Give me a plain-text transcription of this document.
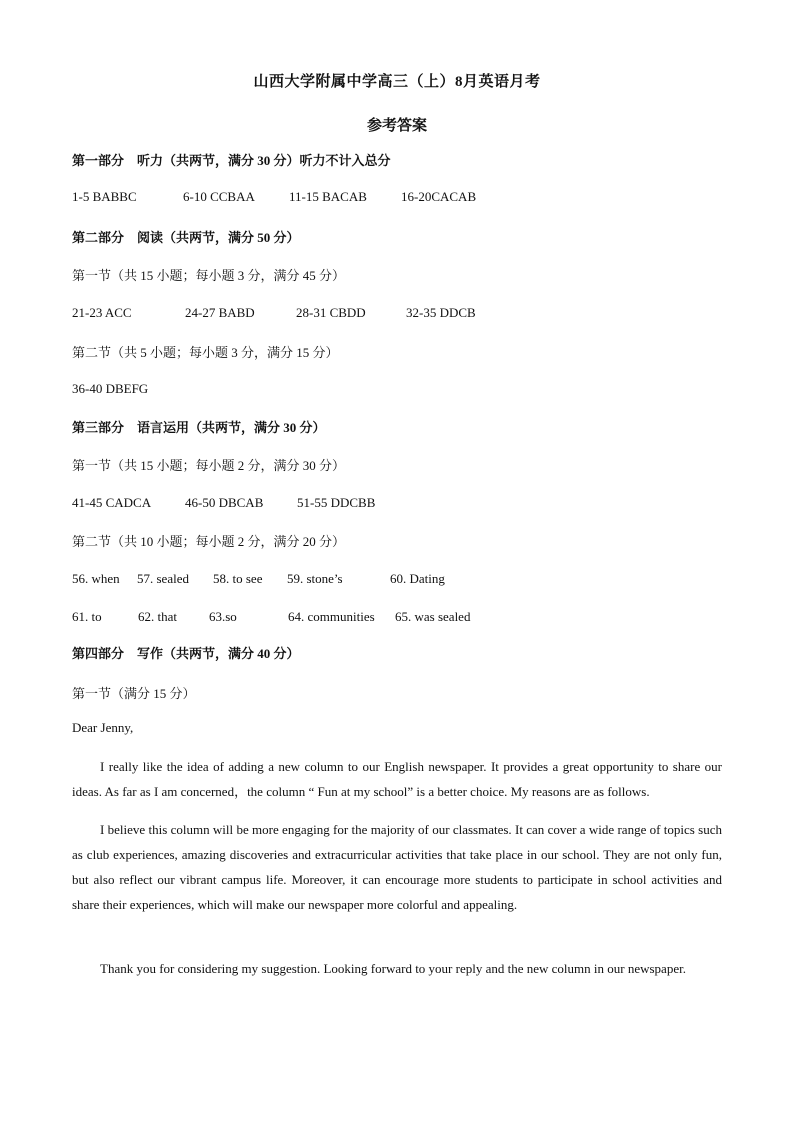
山西大学附属中学高三（上）8月英语月考
参考答案
第一部分　听力（共两节，满分 30 分）听力不计入总分
1-5 BABBC	6-10 CCBAA	11-15 BACAB	16-20CACAB
第二部分　阅读（共两节，满分 50 分）
第一节（共 15 小题；每小题 3 分，满分 45 分）
21-23 ACC	24-27 BABD	28-31 CBDD	32-35 DDCB
第二节（共 5 小题；每小题 3 分，满分 15 分）
36-40 DBEFG
第三部分　语言运用（共两节，满分 30 分）
第一节（共 15 小题；每小题 2 分，满分 30 分）
41-45 CADCA	46-50 DBCAB	51-55 DDCBB
第二节（共 10 小题；每小题 2 分，满分 20 分）
56. when 57. sealed 58. to see 59. stone’s	60. Dating
61. to	62. that 63.so	64. communities 65. was sealed
第四部分　写作（共两节，满分 40 分）
第一节（满分 15 分）
Dear Jenny,
I really like the idea of adding a new column to our English newspaper. It provides a great opportunity to share our ideas. As far as I am concerned，the column “ Fun at my school” is a better choice. My reasons are as follows.
I believe this column will be more engaging for the majority of our classmates. It can cover a wide range of topics such as club experiences, amazing discoveries and extracurricular activities that take place in our school. They are not only fun, but also reflect our vibrant campus life. Moreover, it can encourage more students to participate in school activities and share their experiences, which will make our newspaper more colorful and appealing.
Thank you for considering my suggestion. Looking forward to your reply and the new column in our newspaper.
